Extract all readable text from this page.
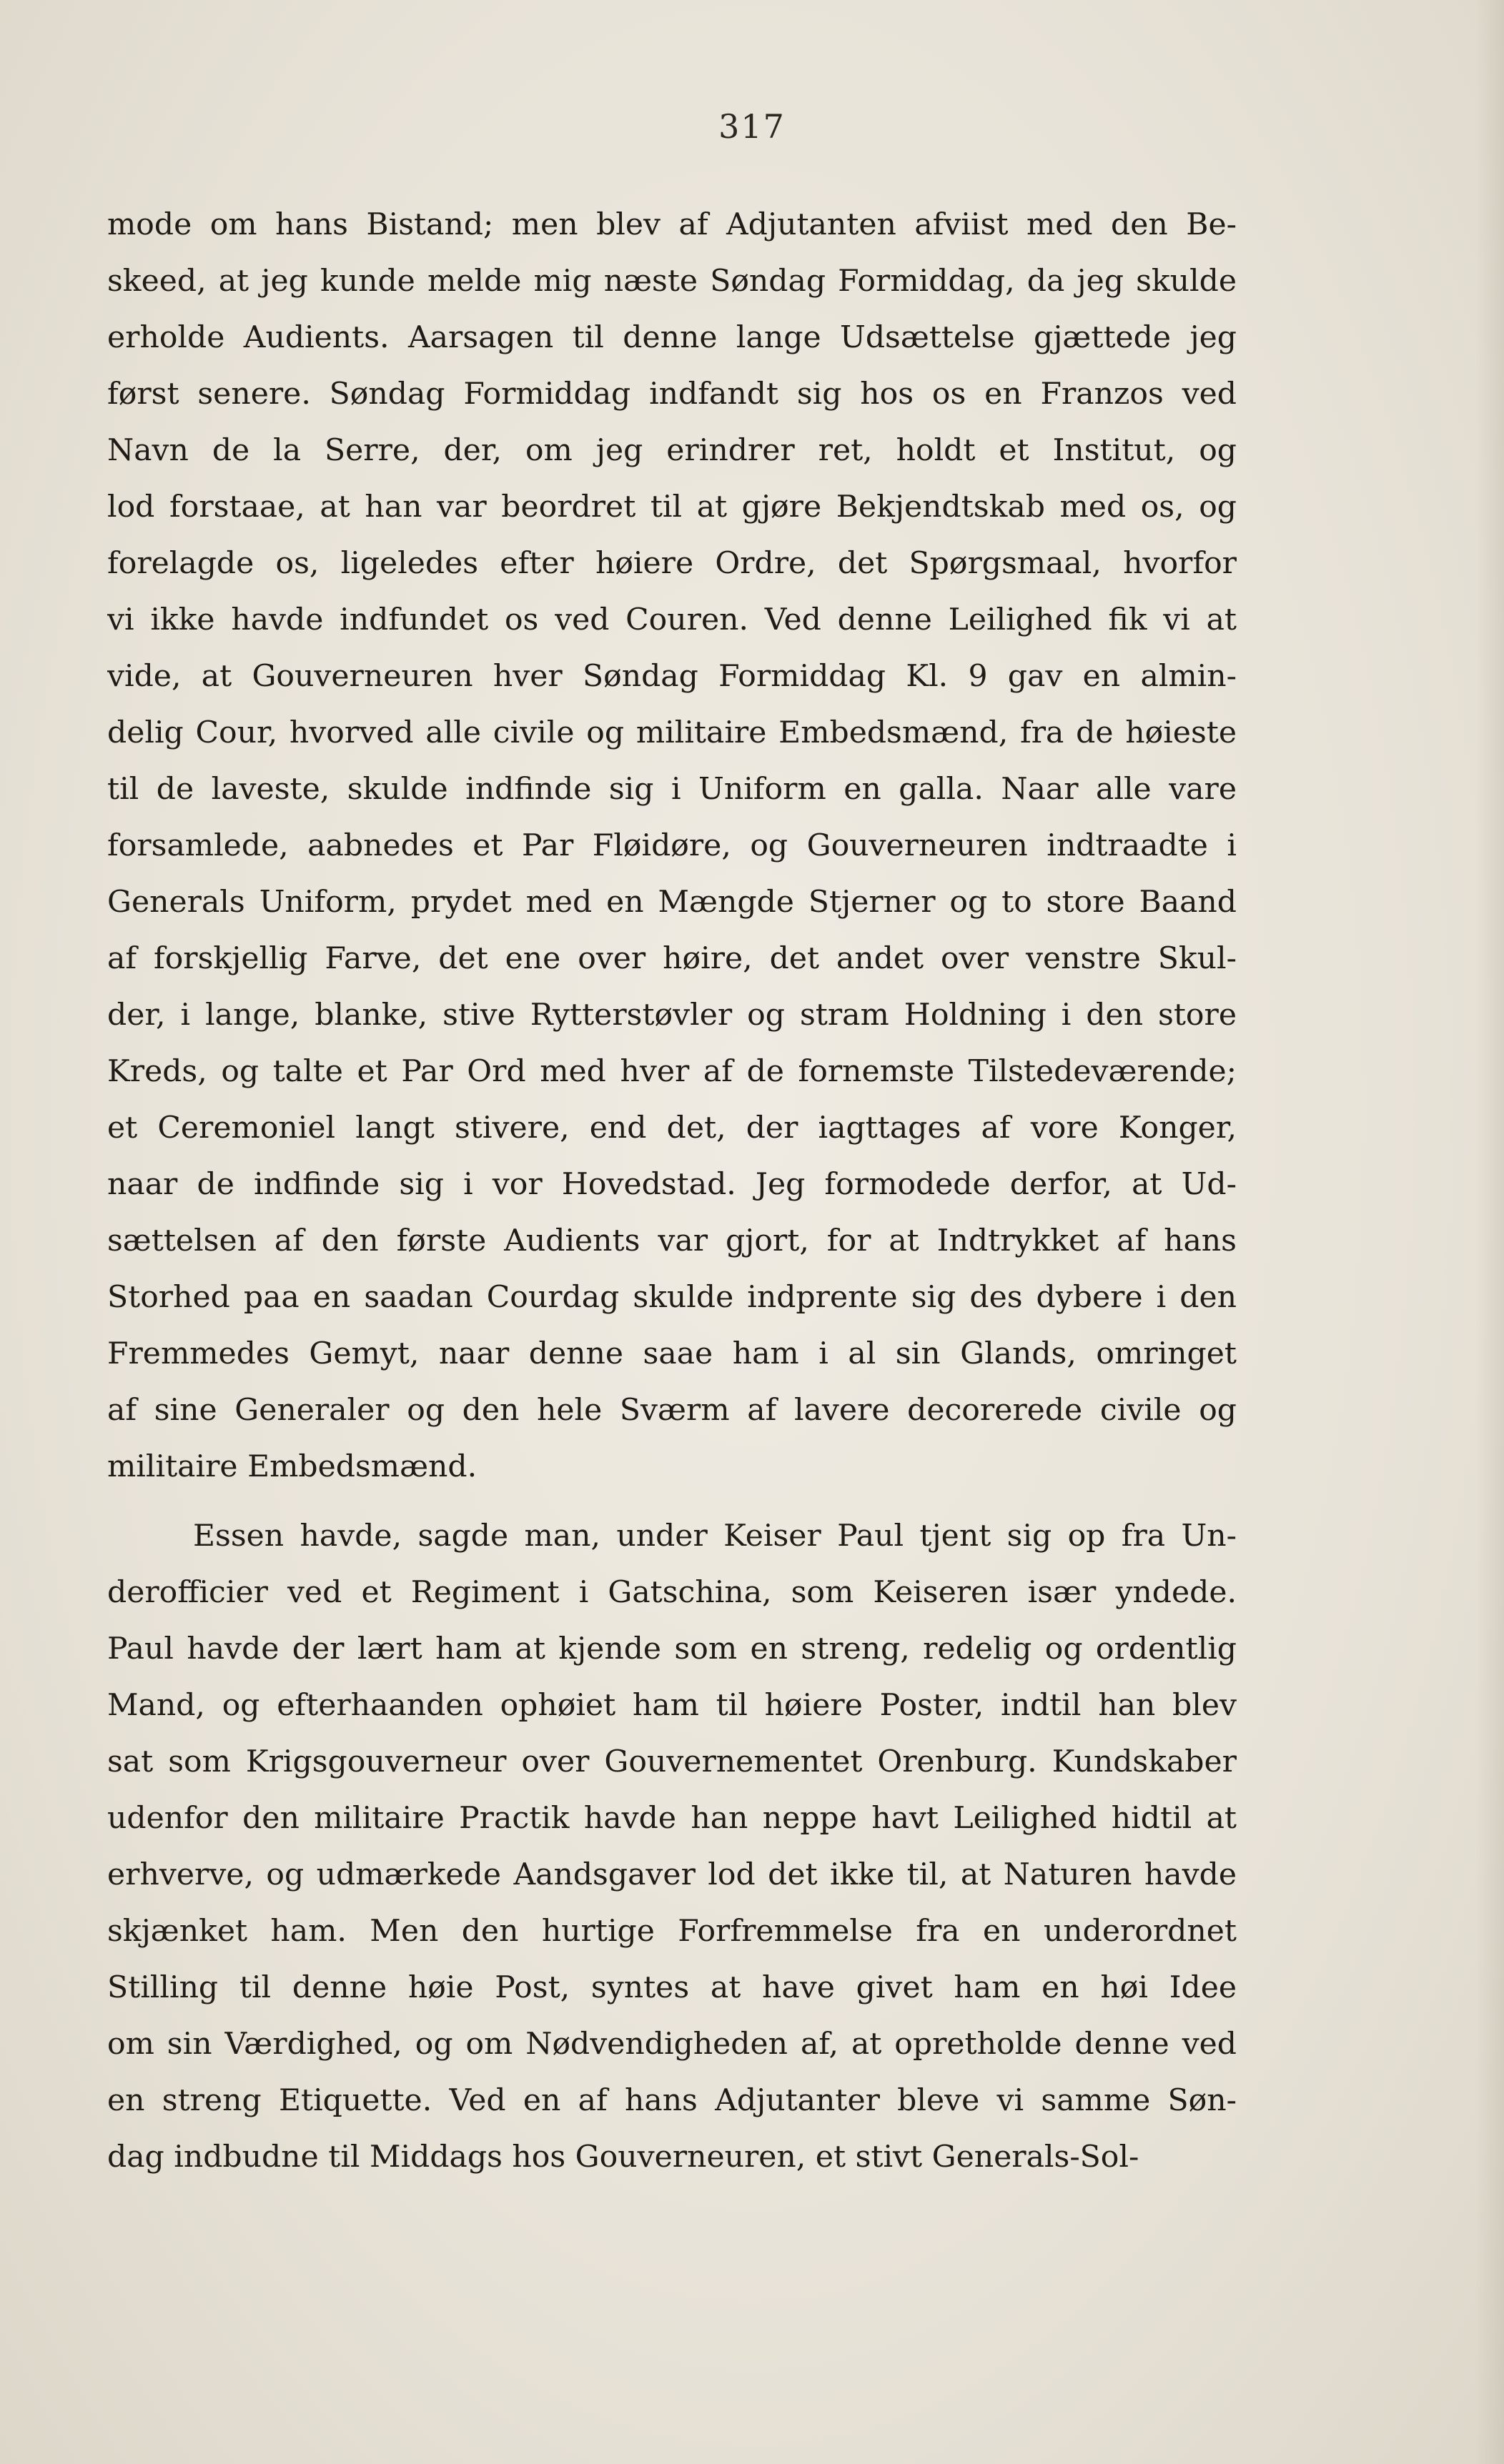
317
mode om hans Bistand; men blev af Adjutanten afviist med den Be-
skeed, at jeg kunde melde mig næste Søndag Formiddag, da jeg skulde
erholde Audients. Aarsagen til denne lange Udsættelse gjættede jeg
først senere. Søndag Formiddag indfandt sig hos os en Franzos ved
Navn de la Serre, der, om jeg erindrer ret, holdt et Institut, og
lod forstaae, at han var beordret til at gjøre Bekjendtskab med os, og
forelagde os, ligeledes efter høiere Ordre, det Spørgsmaal, hvorfor
vi ikke havde indfundet os ved Couren. Ved denne Leilighed fik vi at
vide, at Gouverneuren hver Søndag Formiddag Kl. 9 gav en almin-
delig Cour, hvorved alle civile og militaire Embedsmænd, fra de høieste
til de laveste, skulde indfinde sig i Uniform en galla. Naar alle vare
forsamlede, aabnedes et Par Fløidøre, og Gouverneuren indtraadte i
Generals Uniform, prydet med en Mængde Stjerner og to store Baand
af forskjellig Farve, det ene over høire, det andet over venstre Skul-
der, i lange, blanke, stive Rytterstøvler og stram Holdning i den store
Kreds, og talte et Par Ord med hver af de fornemste Tilstedeværende;
et Ceremoniel langt stivere, end det, der iagttages af vore Konger,
naar de indfinde sig i vor Hovedstad. Jeg formodede derfor, at Ud-
sættelsen af den første Audients var gjort, for at Indtrykket af hans
Storhed paa en saadan Courdag skulde indprente sig des dybere i den
Fremmedes Gemyt, naar denne saae ham i al sin Glands, omringet
af sine Generaler og den hele Sværm af lavere decorerede civile og
militaire Embedsmænd.
Essen havde, sagde man, under Keiser Paul tjent sig op fra Un-
derofficier ved et Regiment i Gatschina, som Keiseren især yndede.
Paul havde der lært ham at kjende som en streng, redelig og ordentlig
Mand, og efterhaanden ophøiet ham til høiere Poster, indtil han blev
sat som Krigsgouverneur over Gouvernementet Orenburg. Kundskaber
udenfor den militaire Practik havde han neppe havt Leilighed hidtil at
erhverve, og udmærkede Aandsgaver lod det ikke til, at Naturen havde
skjænket ham. Men den hurtige Forfremmelse fra en underordnet
Stilling til denne høie Post, syntes at have givet ham en høi Idee
om sin Værdighed, og om Nødvendigheden af, at opretholde denne ved
en streng Etiquette. Ved en af hans Adjutanter bleve vi samme Søn-
dag indbudne til Middags hos Gouverneuren, et stivt Generals-Sol-
